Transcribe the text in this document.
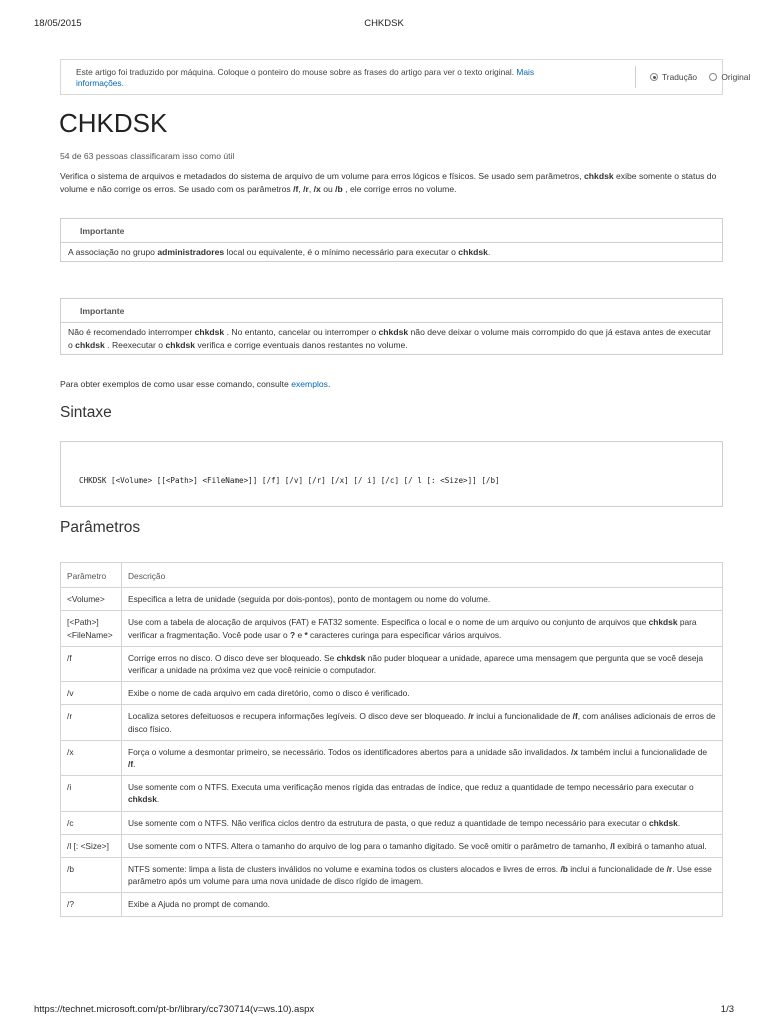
18/05/2015	CHKDSK
Este artigo foi traduzido por máquina. Coloque o ponteiro do mouse sobre as frases do artigo para ver o texto original. Mais informações.
Tradução	Original
CHKDSK
54 de 63 pessoas classificaram isso como útil
Verifica o sistema de arquivos e metadados do sistema de arquivo de um volume para erros lógicos e físicos. Se usado sem parâmetros, chkdsk exibe somente o status do volume e não corrige os erros. Se usado com os parâmetros /f, /r, /x ou /b , ele corrige erros no volume.
Importante
A associação no grupo administradores local ou equivalente, é o mínimo necessário para executar o chkdsk.
Importante
Não é recomendado interromper chkdsk . No entanto, cancelar ou interromper o chkdsk não deve deixar o volume mais corrompido do que já estava antes de executar o chkdsk . Reexecutar o chkdsk verifica e corrige eventuais danos restantes no volume.
Para obter exemplos de como usar esse comando, consulte exemplos.
Sintaxe
CHKDSK [<Volume> [[<Path>] <FileName>]] [/f] [/v] [/r] [/x] [/ i] [/c] [/ l [: <Size>]] [/b]
Parâmetros
Parâmetro	Descrição
<Volume>	Especifica a letra de unidade (seguida por dois-pontos), ponto de montagem ou nome do volume.
[<Path>] <FileName>	Use com a tabela de alocação de arquivos (FAT) e FAT32 somente. Especifica o local e o nome de um arquivo ou conjunto de arquivos que chkdsk para verificar a fragmentação. Você pode usar o ? e * caracteres curinga para especificar vários arquivos.
/f	Corrige erros no disco. O disco deve ser bloqueado. Se chkdsk não puder bloquear a unidade, aparece uma mensagem que pergunta que se você deseja verificar a unidade na próxima vez que você reinicie o computador.
/v	Exibe o nome de cada arquivo em cada diretório, como o disco é verificado.
/r	Localiza setores defeituosos e recupera informações legíveis. O disco deve ser bloqueado. /r inclui a funcionalidade de /f, com análises adicionais de erros de disco físico.
/x	Força o volume a desmontar primeiro, se necessário. Todos os identificadores abertos para a unidade são invalidados. /x também inclui a funcionalidade de /f.
/i	Use somente com o NTFS. Executa uma verificação menos rígida das entradas de índice, que reduz a quantidade de tempo necessário para executar o chkdsk.
/c	Use somente com o NTFS. Não verifica ciclos dentro da estrutura de pasta, o que reduz a quantidade de tempo necessário para executar o chkdsk.
/l [: <Size>]	Use somente com o NTFS. Altera o tamanho do arquivo de log para o tamanho digitado. Se você omitir o parâmetro de tamanho, /l exibirá o tamanho atual.
/b	NTFS somente: limpa a lista de clusters inválidos no volume e examina todos os clusters alocados e livres de erros. /b inclui a funcionalidade de /r. Use esse parâmetro após um volume para uma nova unidade de disco rígido de imagem.
/?	Exibe a Ajuda no prompt de comando.
https://technet.microsoft.com/pt-br/library/cc730714(v=ws.10).aspx	1/3
